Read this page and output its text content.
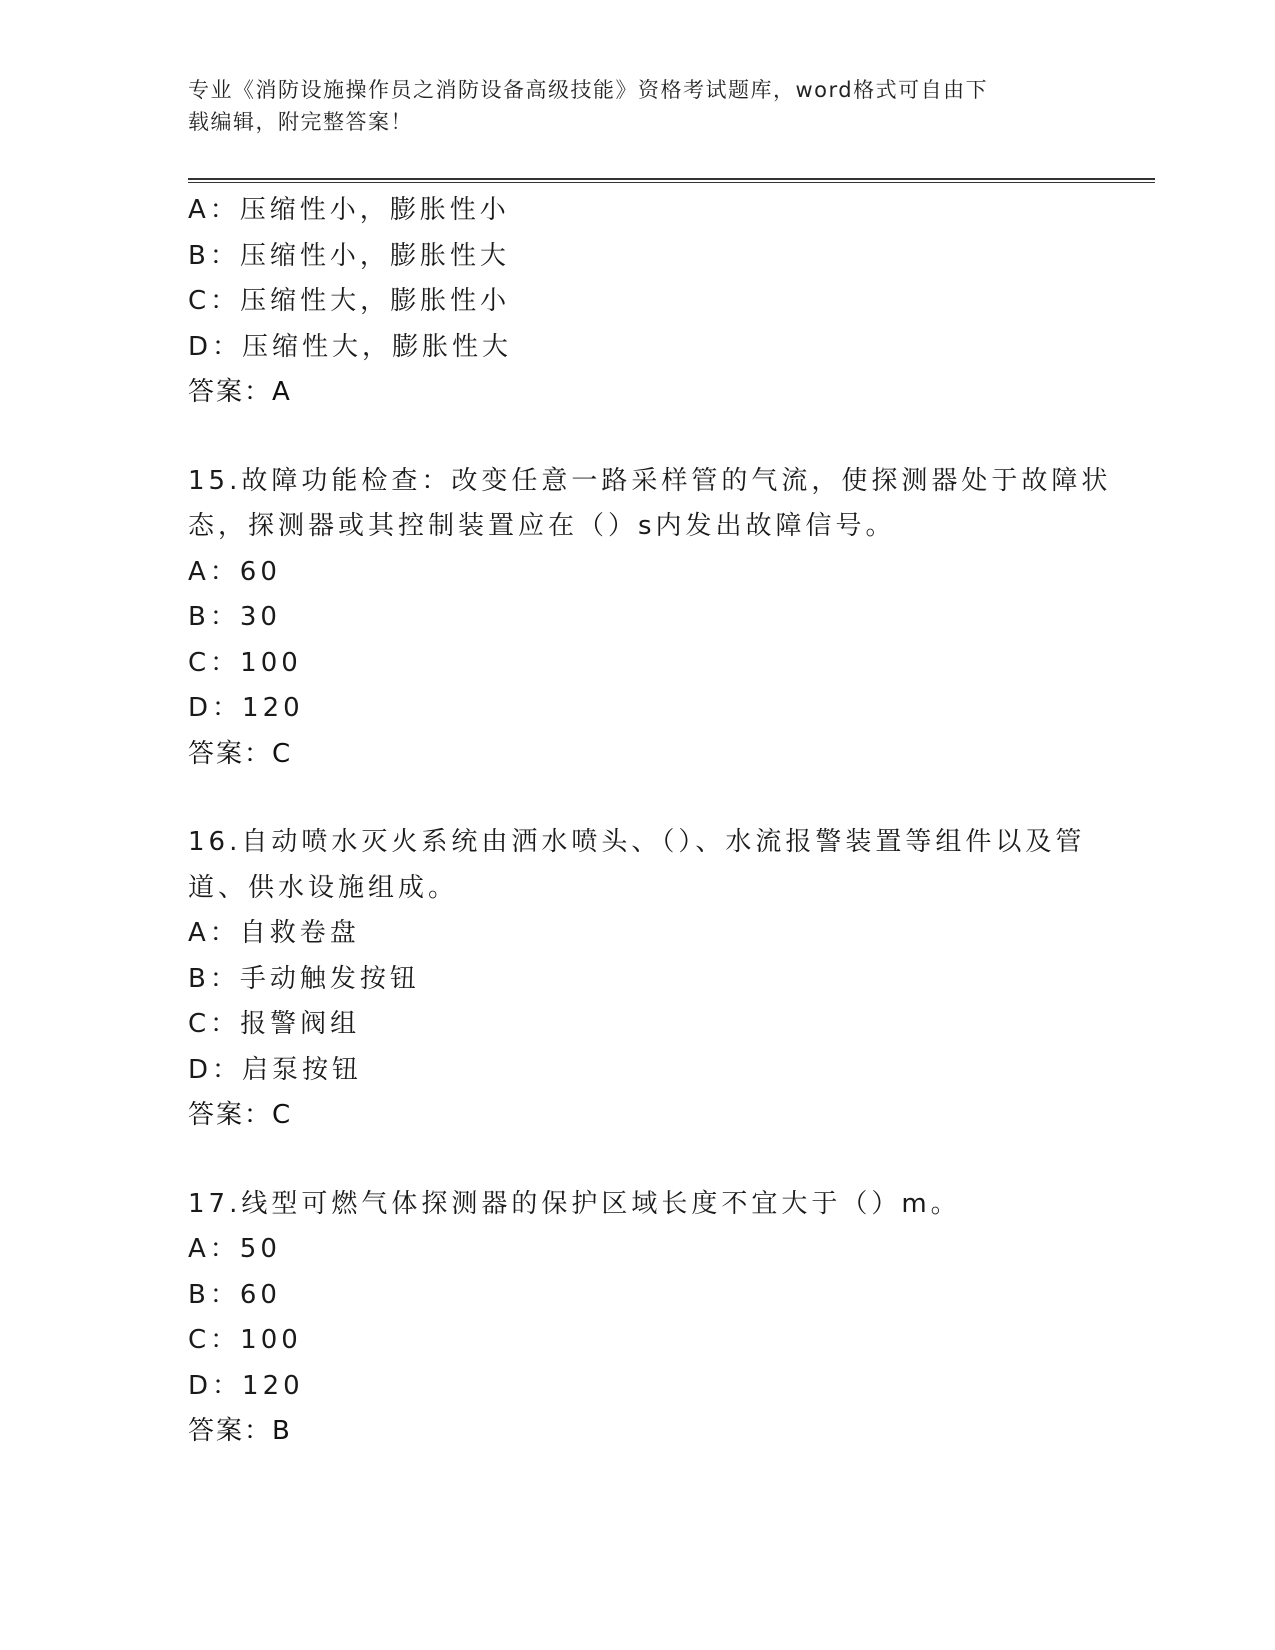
专业《消防设施操作员之消防设备高级技能》资格考试题库，word格式可自由下
载编辑，附完整答案！
A：压缩性小，膨胀性小
B：压缩性小，膨胀性大
C：压缩性大，膨胀性小
D：压缩性大，膨胀性大
答案：A
15.故障功能检查：改变任意一路采样管的气流，使探测器处于故障状
态，探测器或其控制装置应在（）s内发出故障信号。
A：60
B：30
C：100
D：120
答案：C
16.自动喷水灭火系统由洒水喷头、（）、水流报警装置等组件以及管
道、供水设施组成。
A：自救卷盘
B：手动触发按钮
C：报警阀组
D：启泵按钮
答案：C
17.线型可燃气体探测器的保护区域长度不宜大于（）m。
A：50
B：60
C：100
D：120
答案：B
